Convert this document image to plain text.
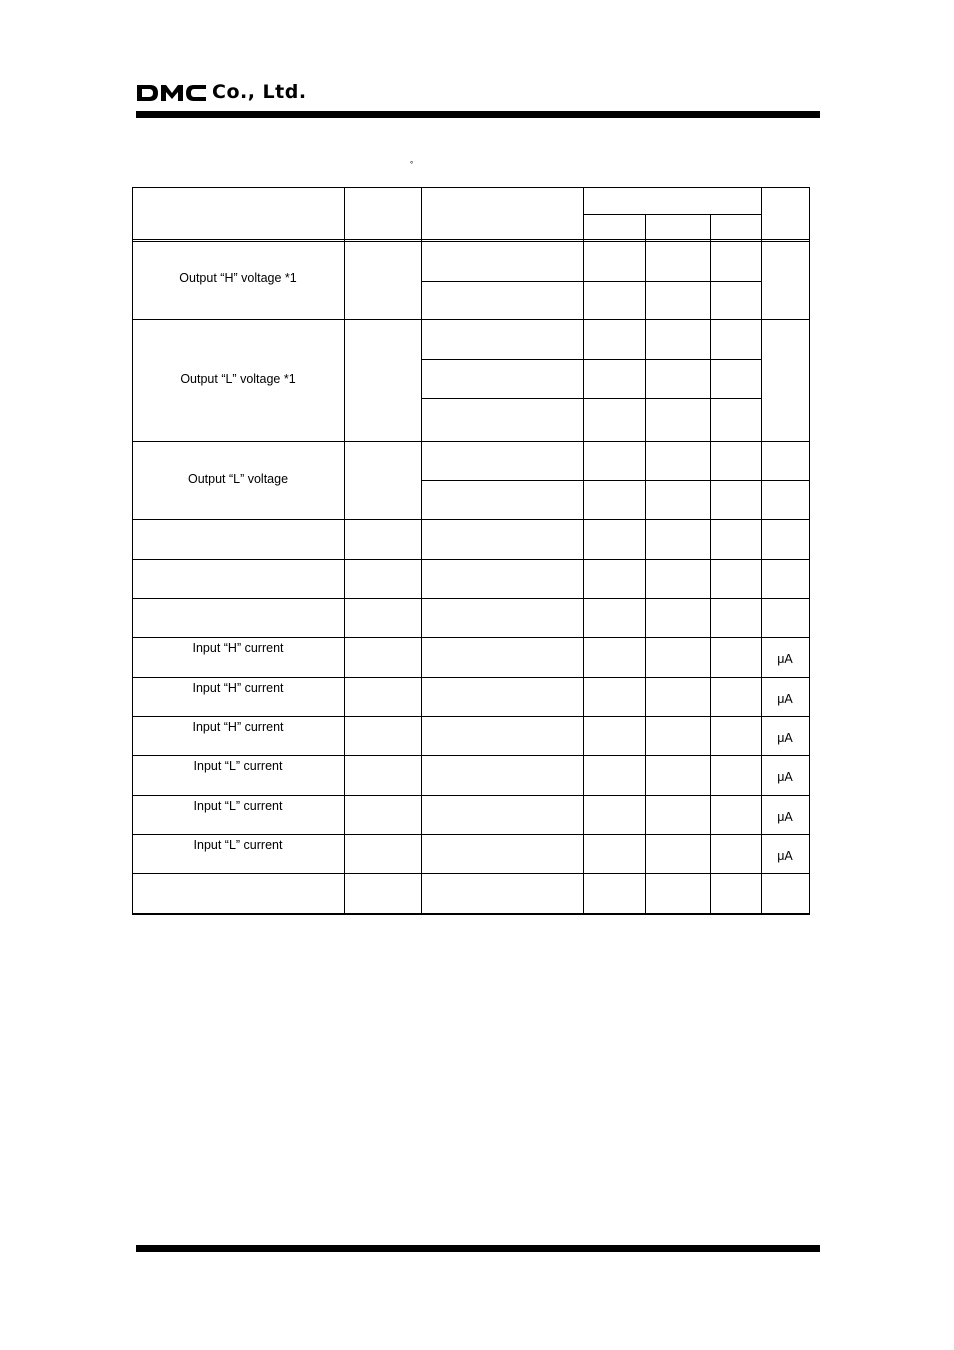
Co., Ltd.
°
Output “H” voltage *1
Output “L” voltage *1
Output “L” voltage
Input “H” current
μA
Input “H” current
μA
Input “H” current
μA
Input “L” current
μA
Input “L” current
μA
Input “L” current
μA
